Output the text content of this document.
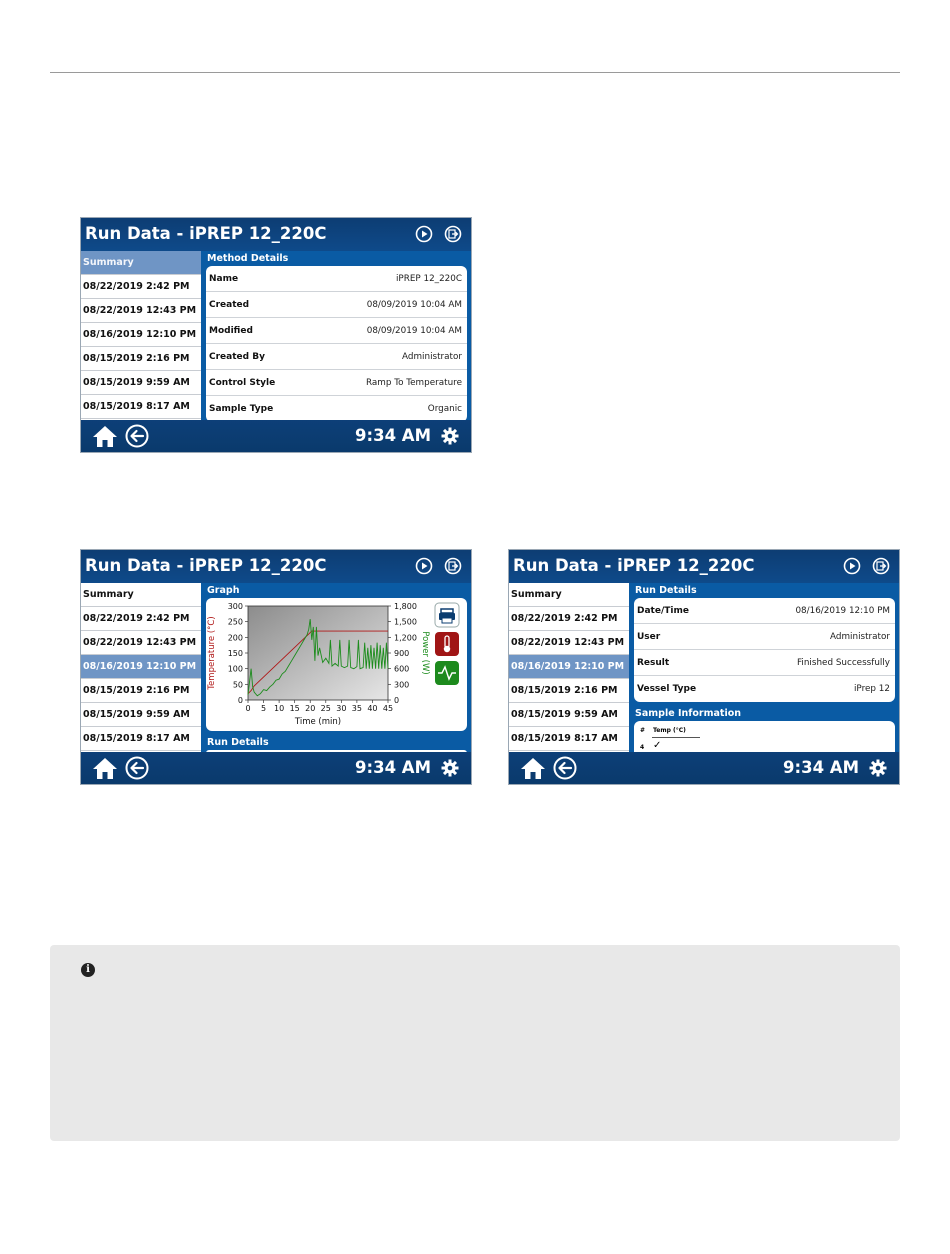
Run Data - iPREP 12_220C
Summary
08/22/2019 2:42 PM
08/22/2019 12:43 PM
08/16/2019 12:10 PM
08/15/2019 2:16 PM
08/15/2019 9:59 AM
08/15/2019 8:17 AM
Method Details
Name	iPREP 12_220C
Created	08/09/2019 10:04 AM
Modified	08/09/2019 10:04 AM
Created By	Administrator
Control Style	Ramp To Temperature
Sample Type	Organic
9:34 AM
Run Data - iPREP 12_220C
Summary
08/22/2019 2:42 PM
08/22/2019 12:43 PM
08/16/2019 12:10 PM
08/15/2019 2:16 PM
08/15/2019 9:59 AM
08/15/2019 8:17 AM
Graph
0 5 10 15 20 25 30 35 40 45
0
50
100
150
200
250
300
0
300
600
900
1,200
1,500
1,800
Temperature (°C)	Power (W)
Time (min)
Run Details
9:34 AM
Run Data - iPREP 12_220C
Summary
08/22/2019 2:42 PM
08/22/2019 12:43 PM
08/16/2019 12:10 PM
08/15/2019 2:16 PM
08/15/2019 9:59 AM
08/15/2019 8:17 AM
Run Details
Date/Time	08/16/2019 12:10 PM
User	Administrator
Result	Finished Successfully
Vessel Type	iPrep 12
Sample Information
# Temp (°C)
4 ✓
9:34 AM
i
